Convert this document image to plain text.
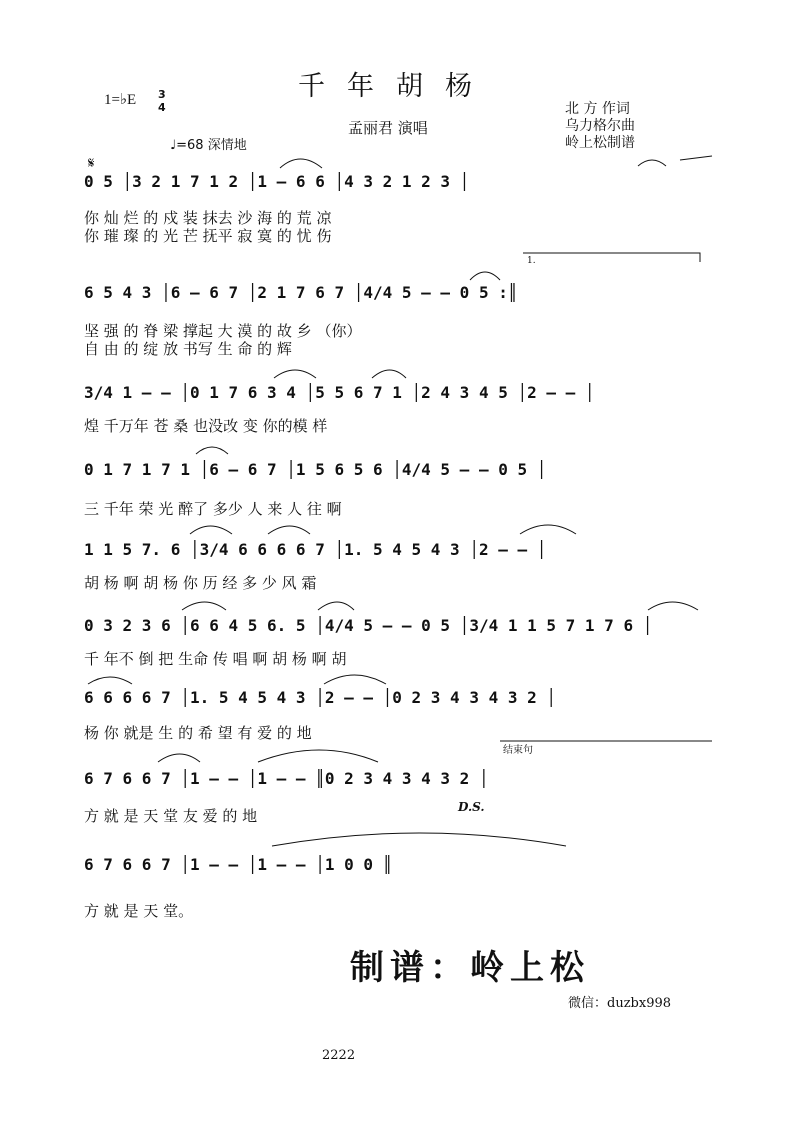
千年胡杨
1=♭E 3
4
孟丽君 演唱
北 方 作词
乌力格尔曲
岭上松制谱
♩=68 深情地
𝄋
0 5 │3 2 1 7 1 2 │1 – 6 6 │4 3 2 1 2 3 │
你 灿 烂 的 戍 装 抹去 沙 海 的 荒 凉
你 璀 璨 的 光 芒 抚平 寂 寞 的 忧 伤
1.
6 5 4 3 │6 – 6 7 │2 1 7 6 7 │4/4 5 – – 0 5 :║
坚 强 的 脊 梁 撑起 大 漠 的 故 乡 （你）
自 由 的 绽 放 书写 生 命 的 辉
3/4 1 – – │0 1 7 6 3 4 │5 5 6 7 1 │2 4 3 4 5 │2 – – │
煌 千万年 苍 桑 也没改 变 你的模 样
0 1 7 1 7 1 │6 – 6 7 │1 5 6 5 6 │4/4 5 – – 0 5 │
三 千年 荣 光 醉了 多少 人 来 人 往 啊
1 1 5 7. 6 │3/4 6 6 6 6 7 │1. 5 4 5 4 3 │2 – – │
胡 杨 啊 胡 杨 你 历 经 多 少 风 霜
0 3 2 3 6 │6 6 4 5 6. 5 │4/4 5 – – 0 5 │3/4 1 1 5 7 1 7 6 │
千 年不 倒 把 生命 传 唱 啊 胡 杨 啊 胡
6 6 6 6 7 │1. 5 4 5 4 3 │2 – – │0 2 3 4 3 4 3 2 │
杨 你 就是 生 的 希 望 有 爱 的 地
结束句
6 7 6 6 7 │1 – – │1 – – ║0 2 3 4 3 4 3 2 │
方 就 是 天 堂 友 爱 的 地	D.S.
6 7 6 6 7 │1 – – │1 – – │1 0 0 ║
方 就 是 天 堂。
制谱：岭上松
微信：duzbx998
2222
